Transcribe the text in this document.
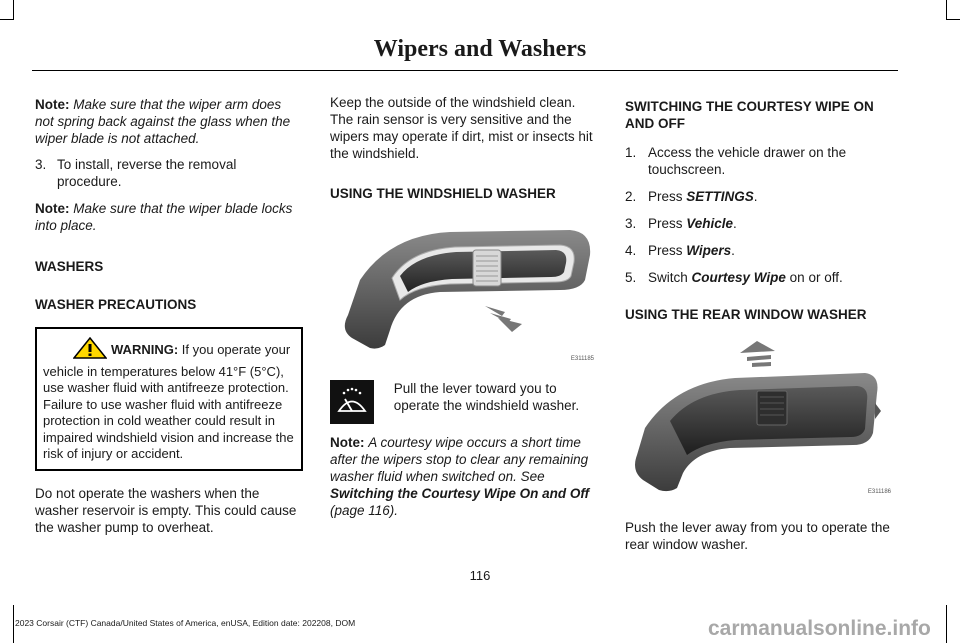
Wipers and Washers

Note: Make sure that the wiper arm does not spring back against the glass when the wiper blade is not attached.

3. To install, reverse the removal procedure.

Note: Make sure that the wiper blade locks into place.

WASHERS
WASHER PRECAUTIONS
WARNING: If you operate your vehicle in temperatures below 41°F (5°C), use washer fluid with antifreeze protection. Failure to use washer fluid with antifreeze protection in cold weather could result in impaired windshield vision and increase the risk of injury or accident.

Do not operate the washers when the washer reservoir is empty. This could cause the washer pump to overheat.

Keep the outside of the windshield clean. The rain sensor is very sensitive and the wipers may operate if dirt, mist or insects hit the windshield.

USING THE WINDSHIELD WASHER
E311185
Pull the lever toward you to operate the windshield washer.

Note: A courtesy wipe occurs a short time after the wipers stop to clear any remaining washer fluid when switched on. See Switching the Courtesy Wipe On and Off (page 116).

SWITCHING THE COURTESY WIPE ON AND OFF
1. Access the vehicle drawer on the touchscreen.
2. Press SETTINGS.
3. Press Vehicle.
4. Press Wipers.
5. Switch Courtesy Wipe on or off.
USING THE REAR WINDOW WASHER
E311186

Push the lever away from you to operate the rear window washer.

116
2023 Corsair (CTF) Canada/United States of America, enUSA, Edition date: 202208, DOM	carmanualsonline.info
